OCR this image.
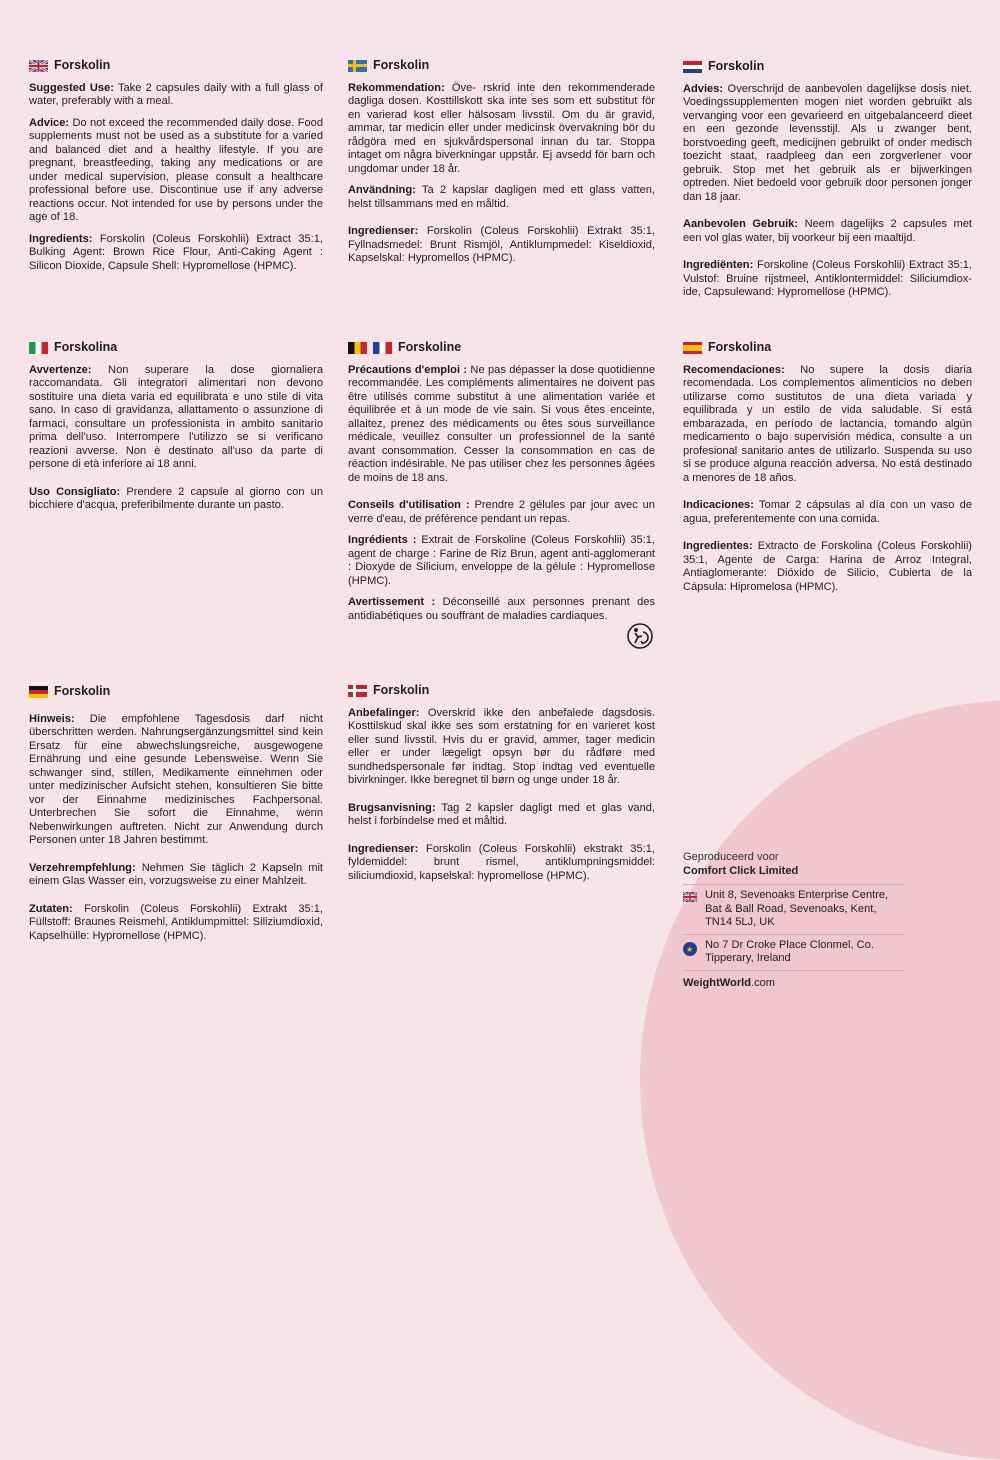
Forskolin

Suggested Use: Take 2 capsules daily with a full glass of water, preferably with a meal.

Advice: Do not exceed the recommended daily dose. Food supplements must not be used as a substitute for a varied and balanced diet and a healthy lifestyle. If you are pregnant, breastfeeding, taking any medications or are under medical supervision, please consult a healthcare professional before use. Discontinue use if any adverse reactions occur. Not intended for use by persons under the age of 18.

Ingredients: Forskolin (Coleus Forskohlii) Extract 35:1, Bulking Agent: Brown Rice Flour, Anti-Caking Agent : Silicon Dioxide, Capsule Shell: Hypromellose (HPMC).

Forskolin

Rekommendation: Öve- rskrid inte den rekommenderade dagliga dosen. Kosttillskott ska inte ses som ett substitut för en varierad kost eller hälsosam livsstil. Om du är gravid, ammar, tar medicin eller under medicinsk övervakning bör du rådgöra med en sjukvårdspersonal innan du tar. Stoppa intaget om några biverkningar uppstår. Ej avsedd för barn och ungdomar under 18 år.

Användning: Ta 2 kapslar dagligen med ett glass vatten, helst tillsammans med en måltid.

Ingredienser: Forskolin (Coleus Forskohlii) Extrakt 35:1, Fyllnadsmedel: Brunt Rismjöl, Antiklumpmedel: Kiseldioxid, Kapselskal: Hypromellos (HPMC).

Forskolin

Advies: Overschrijd de aanbevolen dagelijkse dosis niet. Voedingssupplementen mogen niet worden gebruikt als vervanging voor een gevarieerd en uitgebalanceerd dieet en een gezonde levensstijl. Als u zwanger bent, borstvoeding geeft, medicijnen gebruikt of onder medisch toezicht staat, raadpleeg dan een zorgverlener voor gebruik. Stop met het gebruik als er bijwerkingen optreden. Niet bedoeld voor gebruik door personen jonger dan 18 jaar.

Aanbevolen Gebruik: Neem dagelijks 2 capsules met een vol glas water, bij voorkeur bij een maaltijd.

Ingrediënten: Forskoline (Coleus Forskohlii) Extract 35:1, Vulstof: Bruine rijstmeel, Antiklontermiddel: Siliciumdiox-ide, Capsulewand: Hypromellose (HPMC).

Forskolina

Avvertenze: Non superare la dose giornaliera raccomandata. Gli integratori alimentari non devono sostituire una dieta varia ed equilibrata e uno stile di vita sano. In caso di gravidanza, allattamento o assunzione di farmaci, consultare un professionista in ambito sanitario prima dell'uso. Interrompere l'utilizzo se si verificano reazioni avverse. Non è destinato all'uso da parte di persone di età inferiore ai 18 anni.

Uso Consigliato: Prendere 2 capsule al giorno con un bicchiere d'acqua, preferibilmente durante un pasto.

Forskoline

Précautions d'emploi : Ne pas dépasser la dose quotidienne recommandée. Les compléments alimentaires ne doivent pas être utilisés comme substitut à une alimentation variée et équilibrée et à un mode de vie sain. Si vous êtes enceinte, allaitez, prenez des médicaments ou êtes sous surveillance médicale, veuillez consulter un professionnel de la santé avant consommation. Cesser la consommation en cas de réaction indésirable. Ne pas utiliser chez les personnes âgées de moins de 18 ans.

Conseils d'utilisation : Prendre 2 gélules par jour avec un verre d'eau, de préférence pendant un repas.

Ingrédients : Extrait de Forskoline (Coleus Forskohlii) 35:1, agent de charge : Farine de Riz Brun, agent anti-agglomerant : Dioxyde de Silicium, enveloppe de la gélule : Hypromellose (HPMC).

Avertissement : Déconseillé aux personnes prenant des antidiabétiques ou souffrant de maladies cardiaques.

Forskolina

Recomendaciones: No supere la dosis diaria recomendada. Los complementos alimenticios no deben utilizarse como sustitutos de una dieta variada y equilibrada y un estilo de vida saludable. Si está embarazada, en período de lactancia, tomando algún medicamento o bajo supervisión médica, consulte a un profesional sanitario antes de utilizarlo. Suspenda su uso si se produce alguna reacción adversa. No está destinado a menores de 18 años.

Indicaciones: Tomar 2 cápsulas al día con un vaso de agua, preferentemente con una comida.

Ingredientes: Extracto de Forskolina (Coleus Forskohlii) 35:1, Agente de Carga: Harina de Arroz Integral, Antiaglomerante: Dióxido de Silicio, Cubierta de la Cápsula: Hipromelosa (HPMC).

Forskolin

Hinweis: Die empfohlene Tagesdosis darf nicht überschritten werden. Nahrungsergänzungsmittel sind kein Ersatz für eine abwechslungsreiche, ausgewogene Ernährung und eine gesunde Lebensweise. Wenn Sie schwanger sind, stillen, Medikamente einnehmen oder unter medizinischer Aufsicht stehen, konsultieren Sie bitte vor der Einnahme medizinisches Fachpersonal. Unterbrechen Sie sofort die Einnahme, wenn Nebenwirkungen auftreten. Nicht zur Anwendung durch Personen unter 18 Jahren bestimmt.

Verzehrempfehlung: Nehmen Sie täglich 2 Kapseln mit einem Glas Wasser ein, vorzugsweise zu einer Mahlzeit.

Zutaten: Forskolin (Coleus Forskohlii) Extrakt 35:1, Füllstoff: Braunes Reismehl, Antiklumpmittel: Siliziumdioxid, Kapselhülle: Hypromellose (HPMC).

Forskolin

Anbefalinger: Overskrid ikke den anbefalede dagsdosis. Kosttilskud skal ikke ses som erstatning for en varieret kost eller sund livsstil. Hvis du er gravid, ammer, tager medicin eller er under lægeligt opsyn bør du rådføre med sundhedspersonale før indtag. Stop indtag ved eventuelle bivirkninger. Ikke beregnet til børn og unge under 18 år.

Brugsanvisning: Tag 2 kapsler dagligt med et glas vand, helst i forbindelse med et måltid.

Ingredienser: Forskolin (Coleus Forskohlii) ekstrakt 35:1, fyldemiddel: brunt rismel, antiklumpningsmiddel: siliciumdioxid, kapselskal: hypromellose (HPMC).

Geproduceerd voor
Comfort Click Limited
Unit 8, Sevenoaks Enterprise Centre, Bat & Ball Road, Sevenoaks, Kent, TN14 5LJ, UK
★
No 7 Dr Croke Place Clonmel, Co. Tipperary, Ireland
WeightWorld.com
